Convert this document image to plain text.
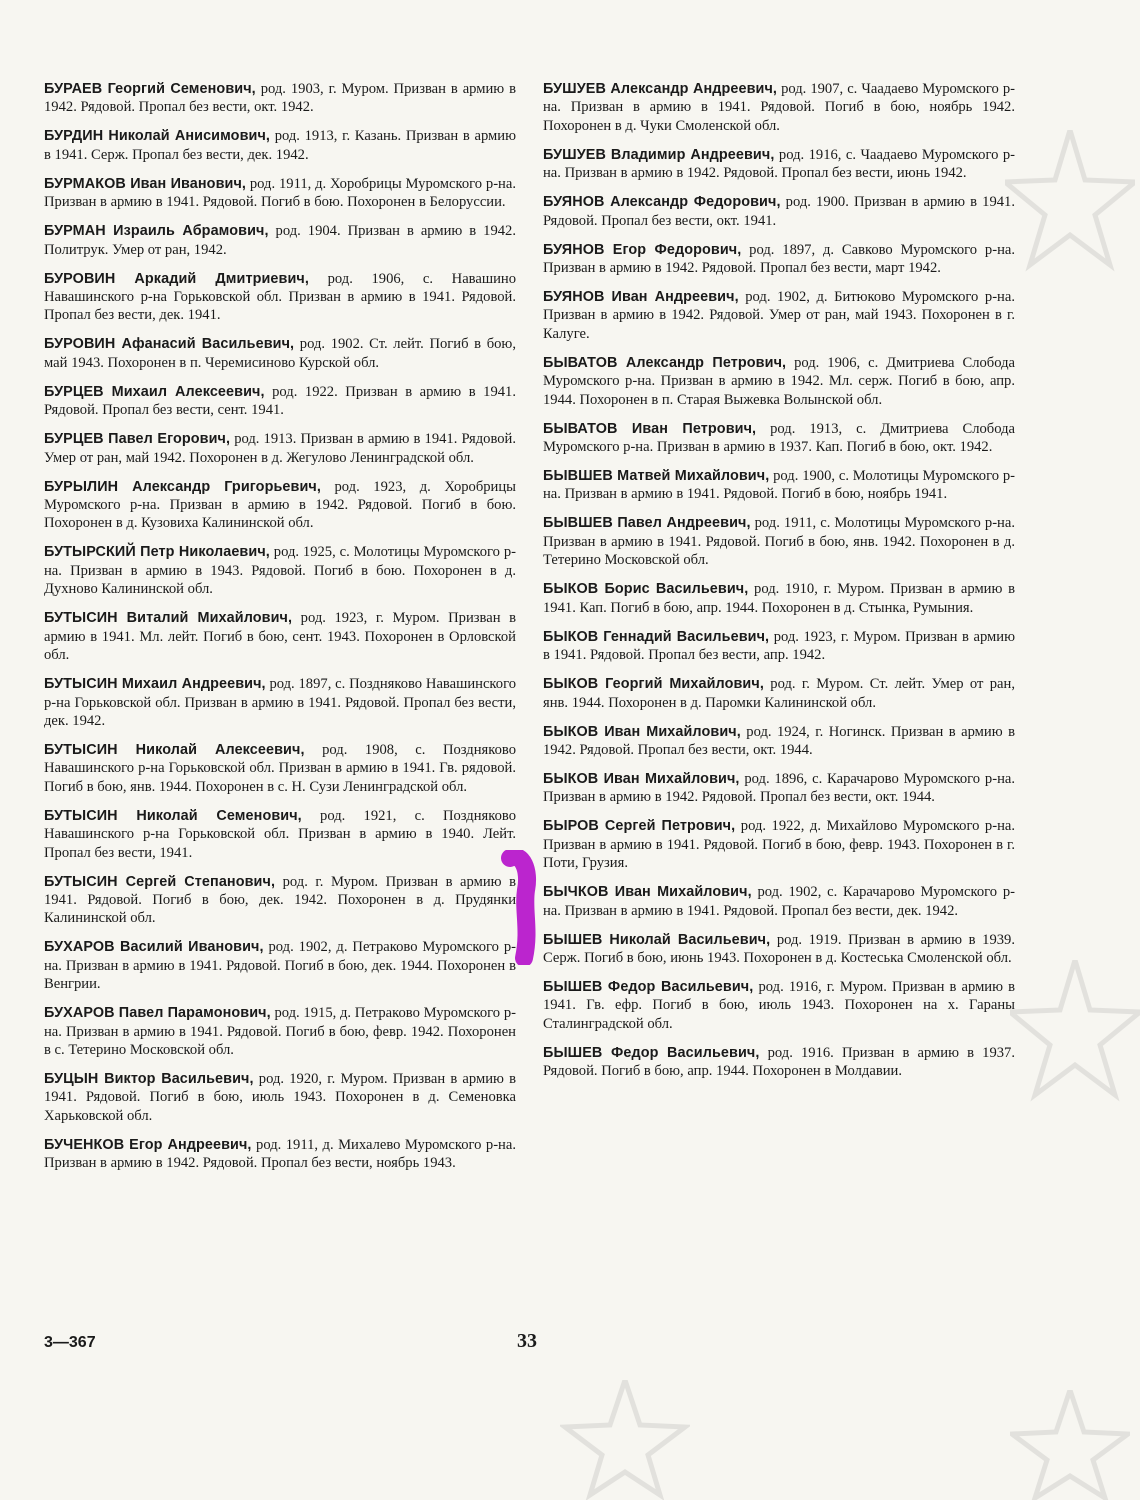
БУРАЕВ Георгий Семенович, род. 1903, г. Муром. Призван в армию в 1942. Рядовой. Пропал без вести, окт. 1942.

БУРДИН Николай Анисимович, род. 1913, г. Казань. Призван в армию в 1941. Серж. Пропал без вести, дек. 1942.

БУРМАКОВ Иван Иванович, род. 1911, д. Хоробрицы Муромского р-на. Призван в армию в 1941. Рядовой. Погиб в бою. Похоронен в Белоруссии.

БУРМАН Израиль Абрамович, род. 1904. Призван в армию в 1942. Политрук. Умер от ран, 1942.

БУРОВИН Аркадий Дмитриевич, род. 1906, с. Навашино Навашинского р-на Горьковской обл. Призван в армию в 1941. Рядовой. Пропал без вести, дек. 1941.

БУРОВИН Афанасий Васильевич, род. 1902. Ст. лейт. Погиб в бою, май 1943. Похоронен в п. Черемисиново Курской обл.

БУРЦЕВ Михаил Алексеевич, род. 1922. Призван в армию в 1941. Рядовой. Пропал без вести, сент. 1941.

БУРЦЕВ Павел Егорович, род. 1913. Призван в армию в 1941. Рядовой. Умер от ран, май 1942. Похоронен в д. Жегулово Ленинградской обл.

БУРЫЛИН Александр Григорьевич, род. 1923, д. Хоробрицы Муромского р-на. Призван в армию в 1942. Рядовой. Погиб в бою. Похоронен в д. Кузовиха Калининской обл.

БУТЫРСКИЙ Петр Николаевич, род. 1925, с. Молотицы Муромского р-на. Призван в армию в 1943. Рядовой. Погиб в бою. Похоронен в д. Духново Калининской обл.

БУТЫСИН Виталий Михайлович, род. 1923, г. Муром. Призван в армию в 1941. Мл. лейт. Погиб в бою, сент. 1943. Похоронен в Орловской обл.

БУТЫСИН Михаил Андреевич, род. 1897, с. Поздняково Навашинского р-на Горьковской обл. Призван в армию в 1941. Рядовой. Пропал без вести, дек. 1942.

БУТЫСИН Николай Алексеевич, род. 1908, с. Поздняково Навашинского р-на Горьковской обл. Призван в армию в 1941. Гв. рядовой. Погиб в бою, янв. 1944. Похоронен в с. Н. Сузи Ленинградской обл.

БУТЫСИН Николай Семенович, род. 1921, с. Поздняково Навашинского р-на Горьковской обл. Призван в армию в 1940. Лейт. Пропал без вести, 1941.

БУТЫСИН Сергей Степанович, род. г. Муром. Призван в армию в 1941. Рядовой. Погиб в бою, дек. 1942. Похоронен в д. Прудянки Калининской обл.

БУХАРОВ Василий Иванович, род. 1902, д. Петраково Муромского р-на. Призван в армию в 1941. Рядовой. Погиб в бою, дек. 1944. Похоронен в Венгрии.

БУХАРОВ Павел Парамонович, род. 1915, д. Петраково Муромского р-на. Призван в армию в 1941. Рядовой. Погиб в бою, февр. 1942. Похоронен в с. Тетерино Московской обл.

БУЦЫН Виктор Васильевич, род. 1920, г. Муром. Призван в армию в 1941. Рядовой. Погиб в бою, июль 1943. Похоронен в д. Семеновка Харьковской обл.

БУЧЕНКОВ Егор Андреевич, род. 1911, д. Михалево Муромского р-на. Призван в армию в 1942. Рядовой. Пропал без вести, ноябрь 1943.

БУШУЕВ Александр Андреевич, род. 1907, с. Чаадаево Муромского р-на. Призван в армию в 1941. Рядовой. Погиб в бою, ноябрь 1942. Похоронен в д. Чуки Смоленской обл.

БУШУЕВ Владимир Андреевич, род. 1916, с. Чаадаево Муромского р-на. Призван в армию в 1942. Рядовой. Пропал без вести, июнь 1942.

БУЯНОВ Александр Федорович, род. 1900. Призван в армию в 1941. Рядовой. Пропал без вести, окт. 1941.

БУЯНОВ Егор Федорович, род. 1897, д. Савково Муромского р-на. Призван в армию в 1942. Рядовой. Пропал без вести, март 1942.

БУЯНОВ Иван Андреевич, род. 1902, д. Битюково Муромского р-на. Призван в армию в 1942. Рядовой. Умер от ран, май 1943. Похоронен в г. Калуге.

БЫВАТОВ Александр Петрович, род. 1906, с. Дмитриева Слобода Муромского р-на. Призван в армию в 1942. Мл. серж. Погиб в бою, апр. 1944. Похоронен в п. Старая Выжевка Волынской обл.

БЫВАТОВ Иван Петрович, род. 1913, с. Дмитриева Слобода Муромского р-на. Призван в армию в 1937. Кап. Погиб в бою, окт. 1942.

БЫВШЕВ Матвей Михайлович, род. 1900, с. Молотицы Муромского р-на. Призван в армию в 1941. Рядовой. Погиб в бою, ноябрь 1941.

БЫВШЕВ Павел Андреевич, род. 1911, с. Молотицы Муромского р-на. Призван в армию в 1941. Рядовой. Погиб в бою, янв. 1942. Похоронен в д. Тетерино Московской обл.

БЫКОВ Борис Васильевич, род. 1910, г. Муром. Призван в армию в 1941. Кап. Погиб в бою, апр. 1944. Похоронен в д. Стынка, Румыния.

БЫКОВ Геннадий Васильевич, род. 1923, г. Муром. Призван в армию в 1941. Рядовой. Пропал без вести, апр. 1942.

БЫКОВ Георгий Михайлович, род. г. Муром. Ст. лейт. Умер от ран, янв. 1944. Похоронен в д. Паромки Калининской обл.

БЫКОВ Иван Михайлович, род. 1924, г. Ногинск. Призван в армию в 1942. Рядовой. Пропал без вести, окт. 1944.

БЫКОВ Иван Михайлович, род. 1896, с. Карачарово Муромского р-на. Призван в армию в 1942. Рядовой. Пропал без вести, окт. 1944.

БЫРОВ Сергей Петрович, род. 1922, д. Михайлово Муромского р-на. Призван в армию в 1941. Рядовой. Погиб в бою, февр. 1943. Похоронен в г. Поти, Грузия.

БЫЧКОВ Иван Михайлович, род. 1902, с. Карачарово Муромского р-на. Призван в армию в 1941. Рядовой. Пропал без вести, дек. 1942.

БЫШЕВ Николай Васильевич, род. 1919. Призван в армию в 1939. Серж. Погиб в бою, июнь 1943. Похоронен в д. Костеська Смоленской обл.

БЫШЕВ Федор Васильевич, род. 1916, г. Муром. Призван в армию в 1941. Гв. ефр. Погиб в бою, июль 1943. Похоронен на х. Гараны Сталинградской обл.

БЫШЕВ Федор Васильевич, род. 1916. Призван в армию в 1937. Рядовой. Погиб в бою, апр. 1944. Похоронен в Молдавии.

3—367	33
